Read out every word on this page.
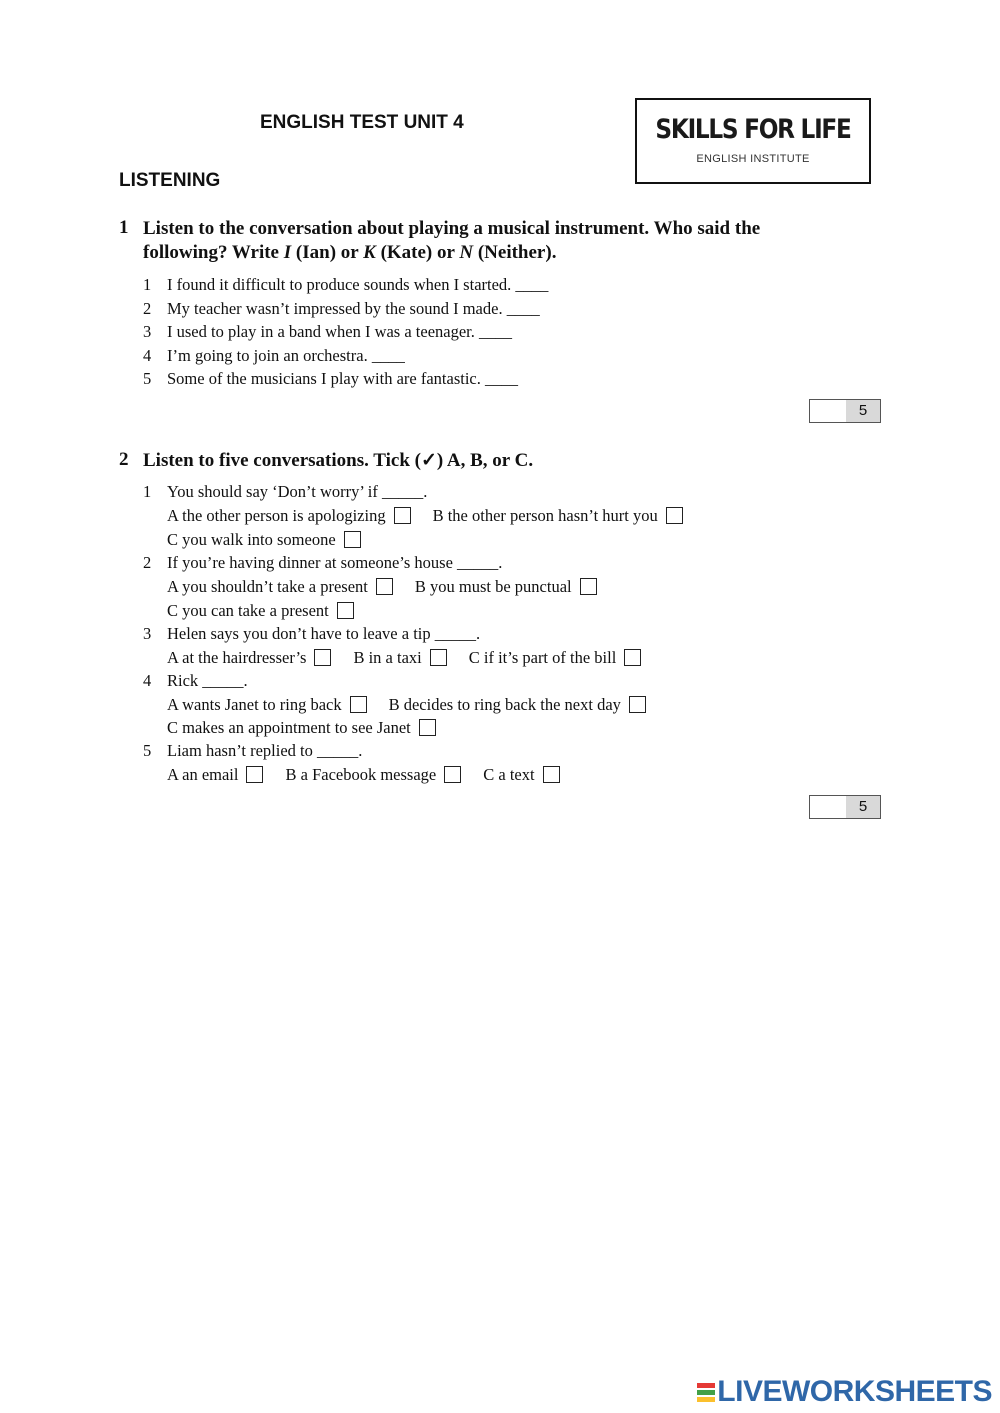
ENGLISH TEST UNIT 4
LISTENING
SKILLS FOR LIFE
ENGLISH INSTITUTE
1 Listen to the conversation about playing a musical instrument. Who said the
following? Write I (Ian) or K (Kate) or N (Neither).
1 I found it difficult to produce sounds when I started. ____
2 My teacher wasn’t impressed by the sound I made. ____
3 I used to play in a band when I was a teenager. ____
4 I’m going to join an orchestra. ____
5 Some of the musicians I play with are fantastic. ____
5
2 Listen to five conversations. Tick (✓) A, B, or C.
1 You should say ‘Don’t worry’ if _____.
A the other person is apologizing	B the other person hasn’t hurt you
C you walk into someone
2 If you’re having dinner at someone’s house _____.
A you shouldn’t take a present	B you must be punctual
C you can take a present
3 Helen says you don’t have to leave a tip _____.
A at the hairdresser’s	B in a taxi	C if it’s part of the bill
4 Rick _____.
A wants Janet to ring back	B decides to ring back the next day
C makes an appointment to see Janet
5 Liam hasn’t replied to _____.
A an email	B a Facebook message	C a text
5
LIVEWORKSHEETS
